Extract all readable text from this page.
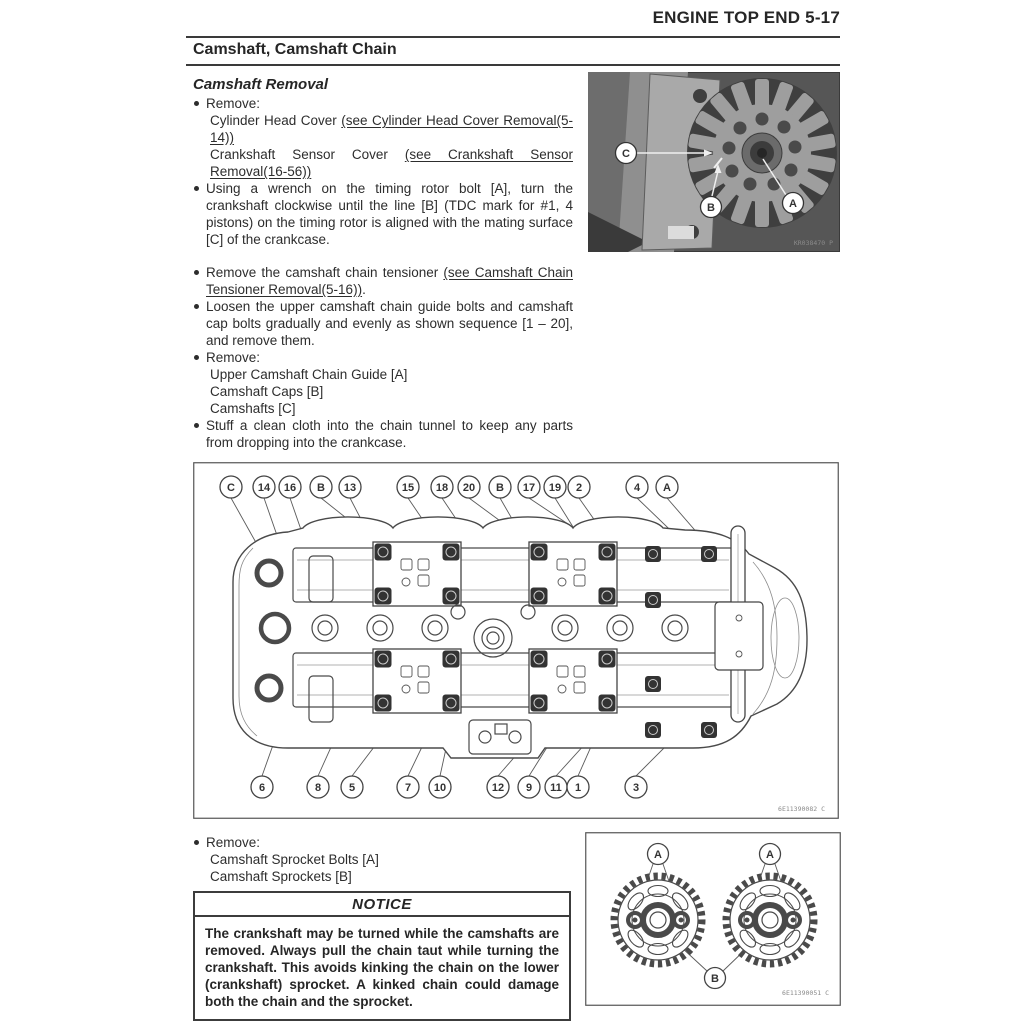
ENGINE TOP END 5-17
Camshaft, Camshaft Chain
Camshaft Removal
Remove:
Cylinder Head Cover (see Cylinder Head Cover Removal(5-14))
Crankshaft Sensor Cover (see Crankshaft Sensor Removal(16-56))
Using a wrench on the timing rotor bolt [A], turn the crankshaft clockwise until the line [B] (TDC mark for #1, 4 pistons) on the timing rotor is aligned with the mating surface [C] of the crankcase.
Remove the camshaft chain tensioner (see Camshaft Chain Tensioner Removal(5-16)).
Loosen the upper camshaft chain guide bolts and camshaft cap bolts gradually and evenly as shown sequence [1 – 20], and remove them.
Remove:
Upper Camshaft Chain Guide [A]
Camshaft Caps [B]
Camshafts [C]
Stuff a clean cloth into the chain tunnel to keep any parts from dropping into the crankcase.
C
B	A
KR038470 P
C 14 16 B 13	15 18 20 B 17 19 2	4 A
6	8	5	7 10	12 9 11 1	3
6E11390082 C
Remove:
Camshaft Sprocket Bolts [A]
Camshaft Sprockets [B]
NOTICE
The crankshaft may be turned while the camshafts are removed. Always pull the chain taut while turning the crankshaft. This avoids kinking the chain on the lower (crankshaft) sprocket. A kinked chain could damage both the chain and the sprocket.
A	A
B
6E11390051 C
